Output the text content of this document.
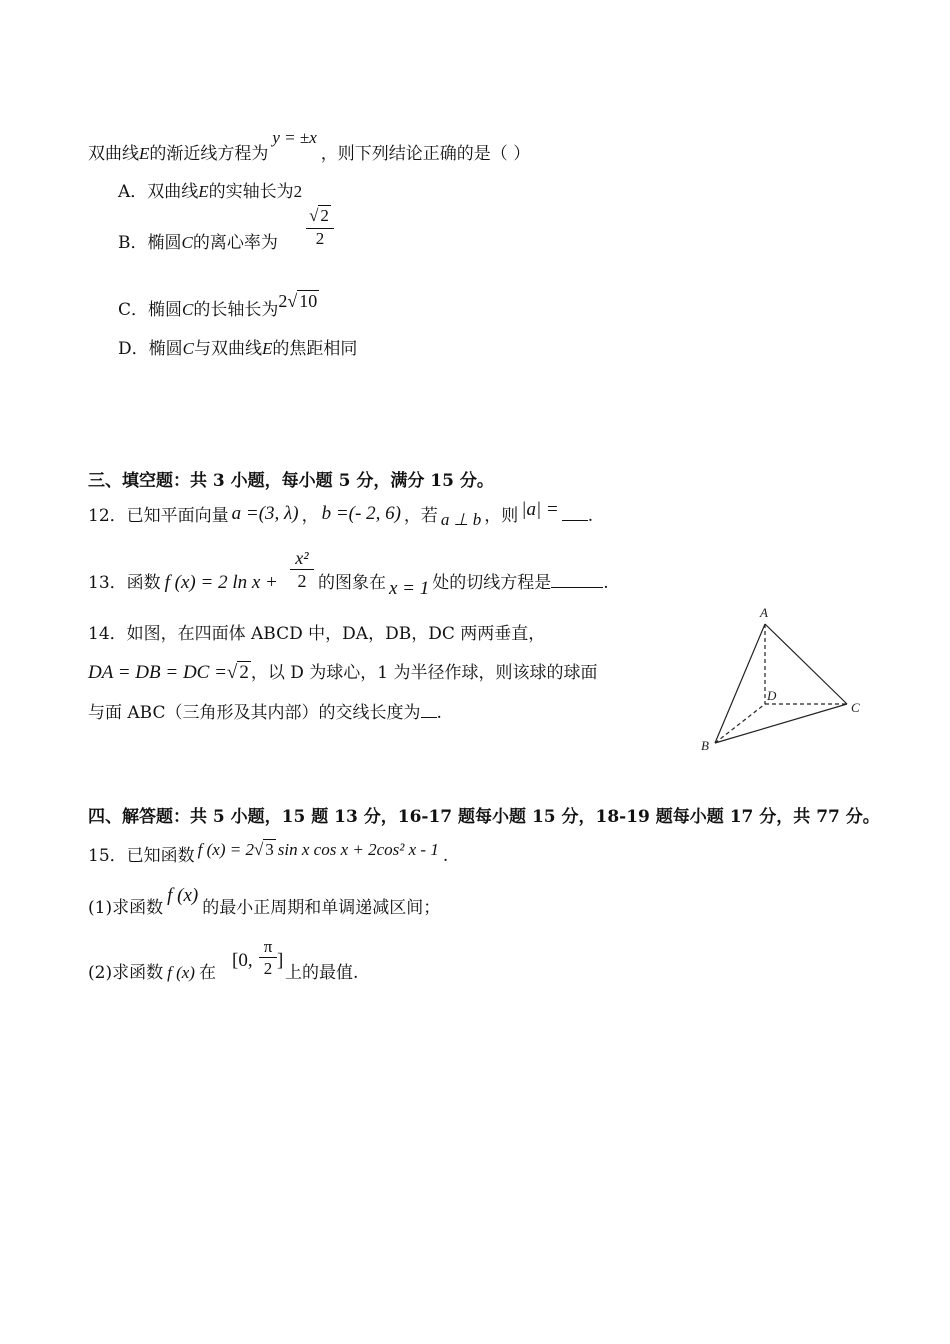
双曲线E的渐近线方程为y = ±x，则下列结论正确的是（ ）
A．双曲线E的实轴长为2
B．椭圆C的离心率为 $\frac{√ 2}{2}$
C．椭圆C的长轴长为2√ 10
D．椭圆C与双曲线E的焦距相同
三、填空题：共 3 小题，每小题 5 分，满分 15 分。
12．已知平面向量 a =(3, λ) ， b =(- 2, 6) ，若 a ⊥ b ，则 |a| = .
13．函数 f (x) = 2 $\ln x + \frac{\text{x²}}{2}$ 的图象在 x = 1 处的切线方程是	.
14．如图，在四面体 ABCD 中，DA，DB，DC 两两垂直，
DA = DB = DC =√ 2 ，以 D 为球心，1 为半径作球，则该球的球面
与面 ABC（三角形及其内部）的交线长度为 .
A
B
C
D
四、解答题：共 5 小题，15 题 13 分，16-17 题每小题 15 分，18-19 题每小题 17 分，共 77 分。
15．已知函数 f (x) = 2√ 3 sin x cos x + 2cos² x - 1 .
(1)求函数f (x)的最小正周期和单调递减区间；
(2)求函数 f (x) 在
[0, $\frac{\pi}{2}$ ]
上的最值.
